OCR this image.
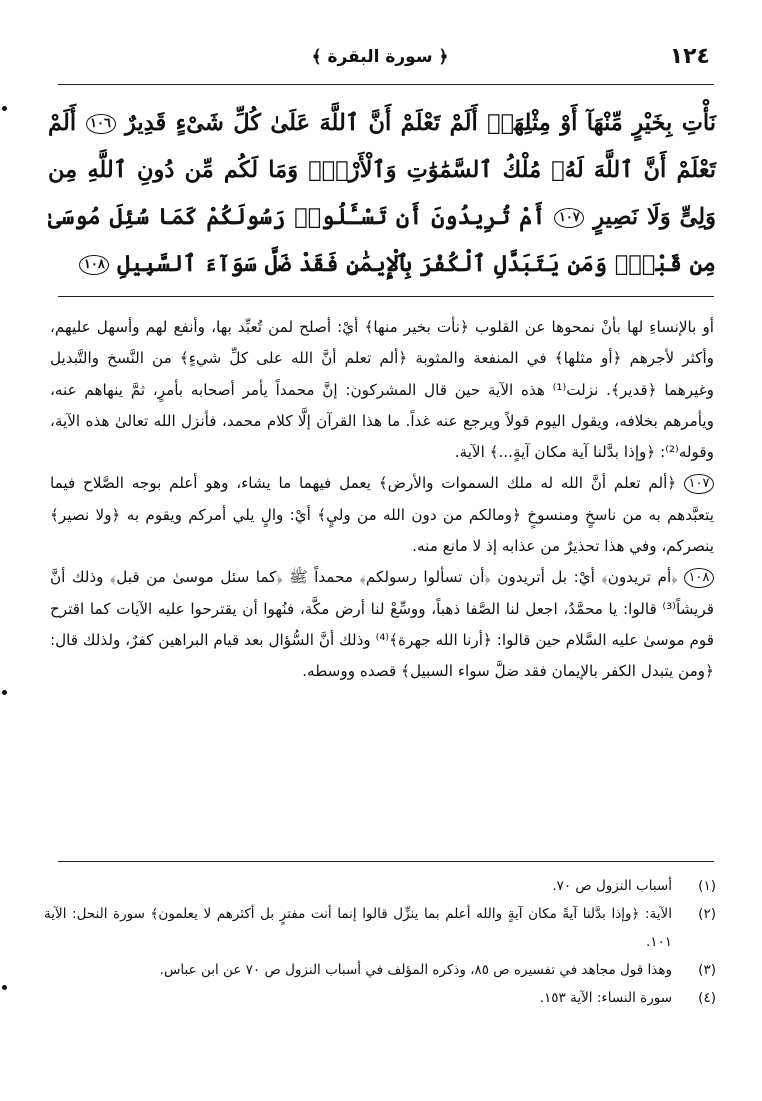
١٢٤
﴿ سورة البقرة ﴾
نَأْتِ بِخَيْرٍ مِّنْهَآ أَوْ مِثْلِهَآۗ أَلَمْ تَعْلَمْ أَنَّ ٱللَّهَ عَلَىٰ كُلِّ شَىْءٍ قَدِيرٌ ١٠٦ أَلَمْ تَعْلَمْ أَنَّ ٱللَّهَ لَهُۥ مُلْكُ ٱلسَّمَٰوَٰتِ وَٱلْأَرْضِۗ وَمَا لَكُم مِّن دُونِ ٱللَّهِ مِن وَلِىٍّ وَلَا نَصِيرٍ ١٠٧ أَمْ تُرِيدُونَ أَن تَسْـَٔلُوا۟ رَسُولَكُمْ كَمَا سُئِلَ مُوسَىٰ مِن قَبْلُۗ وَمَن يَتَبَدَّلِ ٱلْكُفْرَ بِٱلْإِيمَٰنِ فَقَدْ ضَلَّ سَوَآءَ ٱلسَّبِيلِ ١٠٨

أو بالإنساءِ لها بأنْ نمحوها عن القلوب ﴿نأت بخير منها﴾ أيْ: أصلح لمن تُعبِّد بها، وأنفع لهم وأسهل عليهم، وأكثر لأجرهم ﴿أو مثلها﴾ في المنفعة والمثوبة ﴿ألم تعلم أنَّ الله على كلِّ شيءٍ﴾ من النَّسخ والتَّبديل وغيرهما ﴿قدير﴾. نزلت⁽¹⁾ هذه الآية حين قال المشركون: إنَّ محمداً يأمر أصحابه بأمرٍ، ثمَّ ينهاهم عنه، ويأمرهم بخلافه، ويقول اليوم قولاً ويرجع عنه غداً. ما هذا القرآن إلَّا كلام محمد، فأنزل الله تعالىٰ هذه الآية، وقوله⁽²⁾: ﴿وإذا بدَّلنا آية مكان آيةٍ...﴾ الآية.

١٠٧ ﴿ألم تعلم أنَّ الله له ملك السموات والأرض﴾ يعمل فيهما ما يشاء، وهو أعلم بوجه الصَّلاح فيما يتعبَّدهم به من ناسخٍ ومنسوخٍ ﴿ومالكم من دون الله من وليٍ﴾ أيْ: والٍ يلي أمركم ويقوم به ﴿ولا نصير﴾ ينصركم، وفي هذا تحذيرٌ من عذابه إذ لا مانع منه.

١٠٨ ﴿أم تريدون﴾ أيْ: بل أتريدون ﴿أن تسألوا رسولكم﴾ محمداً ﷺ ﴿كما سئل موسىٰ من قبل﴾ وذلك أنَّ قريشاً⁽³⁾ قالوا: يا محمَّدُ، اجعل لنا الصَّفا ذهباً، ووسِّعْ لنا أرض مكَّة، فنُهوا أن يقترحوا عليه الآيات كما اقترح قوم موسىٰ عليه السَّلام حين قالوا: ﴿أرنا الله جهرة﴾⁽⁴⁾ وذلك أنَّ السُّؤال بعد قيام البراهين كفرٌ، ولذلك قال: ﴿ومن يتبدل الكفر بالإيمان فقد ضلَّ سواء السبيل﴾ قصده ووسطه.

(١)
أسباب النزول ص ٧٠.
(٢)
الآية: ﴿وإذا بدَّلنا آيةً مكان آيةٍ والله أعلم بما ينزِّل قالوا إنما أنت مفترٍ بل أكثرهم لا يعلمون﴾ سورة النحل: الآية ١٠١.
(٣)
وهذا قول مجاهد في تفسيره ص ٨٥، وذكره المؤلف في أسباب النزول ص ٧٠ عن ابن عباس.
(٤)
سورة النساء: الآية ١٥٣.
